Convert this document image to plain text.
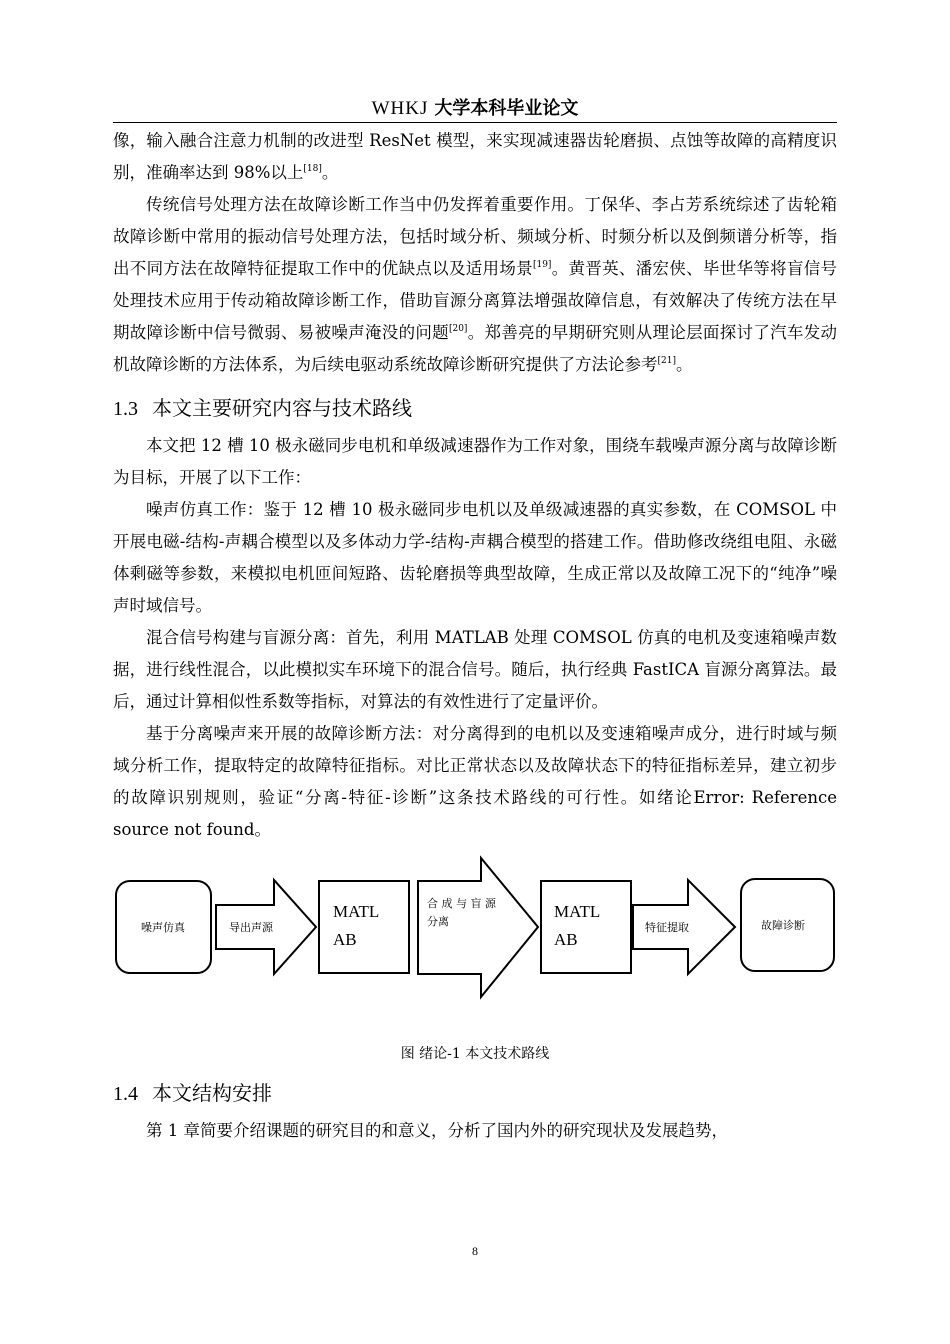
WHKJ 大学本科毕业论文

像，输入融合注意力机制的改进型 ResNet 模型，来实现减速器齿轮磨损、点蚀等故障的高精度识别，准确率达到 98%以上[18]。

传统信号处理方法在故障诊断工作当中仍发挥着重要作用。丁保华、李占芳系统综述了齿轮箱故障诊断中常用的振动信号处理方法，包括时域分析、频域分析、时频分析以及倒频谱分析等，指出不同方法在故障特征提取工作中的优缺点以及适用场景[19]。黄晋英、潘宏侠、毕世华等将盲信号处理技术应用于传动箱故障诊断工作，借助盲源分离算法增强故障信息，有效解决了传统方法在早期故障诊断中信号微弱、易被噪声淹没的问题[20]。郑善亮的早期研究则从理论层面探讨了汽车发动机故障诊断的方法体系，为后续电驱动系统故障诊断研究提供了方法论参考[21]。

1.3 本文主要研究内容与技术路线

本文把 12 槽 10 极永磁同步电机和单级减速器作为工作对象，围绕车载噪声源分离与故障诊断为目标，开展了以下工作：

噪声仿真工作：鉴于 12 槽 10 极永磁同步电机以及单级减速器的真实参数，在 COMSOL 中开展电磁-结构-声耦合模型以及多体动力学-结构-声耦合模型的搭建工作。借助修改绕组电阻、永磁体剩磁等参数，来模拟电机匝间短路、齿轮磨损等典型故障，生成正常以及故障工况下的“纯净”噪声时域信号。

混合信号构建与盲源分离：首先，利用 MATLAB 处理 COMSOL 仿真的电机及变速箱噪声数据，进行线性混合，以此模拟实车环境下的混合信号。随后，执行经典 FastICA 盲源分离算法。最后，通过计算相似性系数等指标，对算法的有效性进行了定量评价。

基于分离噪声来开展的故障诊断方法：对分离得到的电机以及变速箱噪声成分，进行时域与频域分析工作，提取特定的故障特征指标。对比正常状态以及故障状态下的特征指标差异，建立初步的故障识别规则，验证“分离-特征-诊断”这条技术路线的可行性。如绪论Error: Reference source not found。

噪声仿真	导出声源
MATL
AB
合 成 与 盲 源
分离
MATL
AB
特征提取	故障诊断
图 绪论-1 本文技术路线
1.4 本文结构安排

第 1 章简要介绍课题的研究目的和意义，分析了国内外的研究现状及发展趋势，

8
